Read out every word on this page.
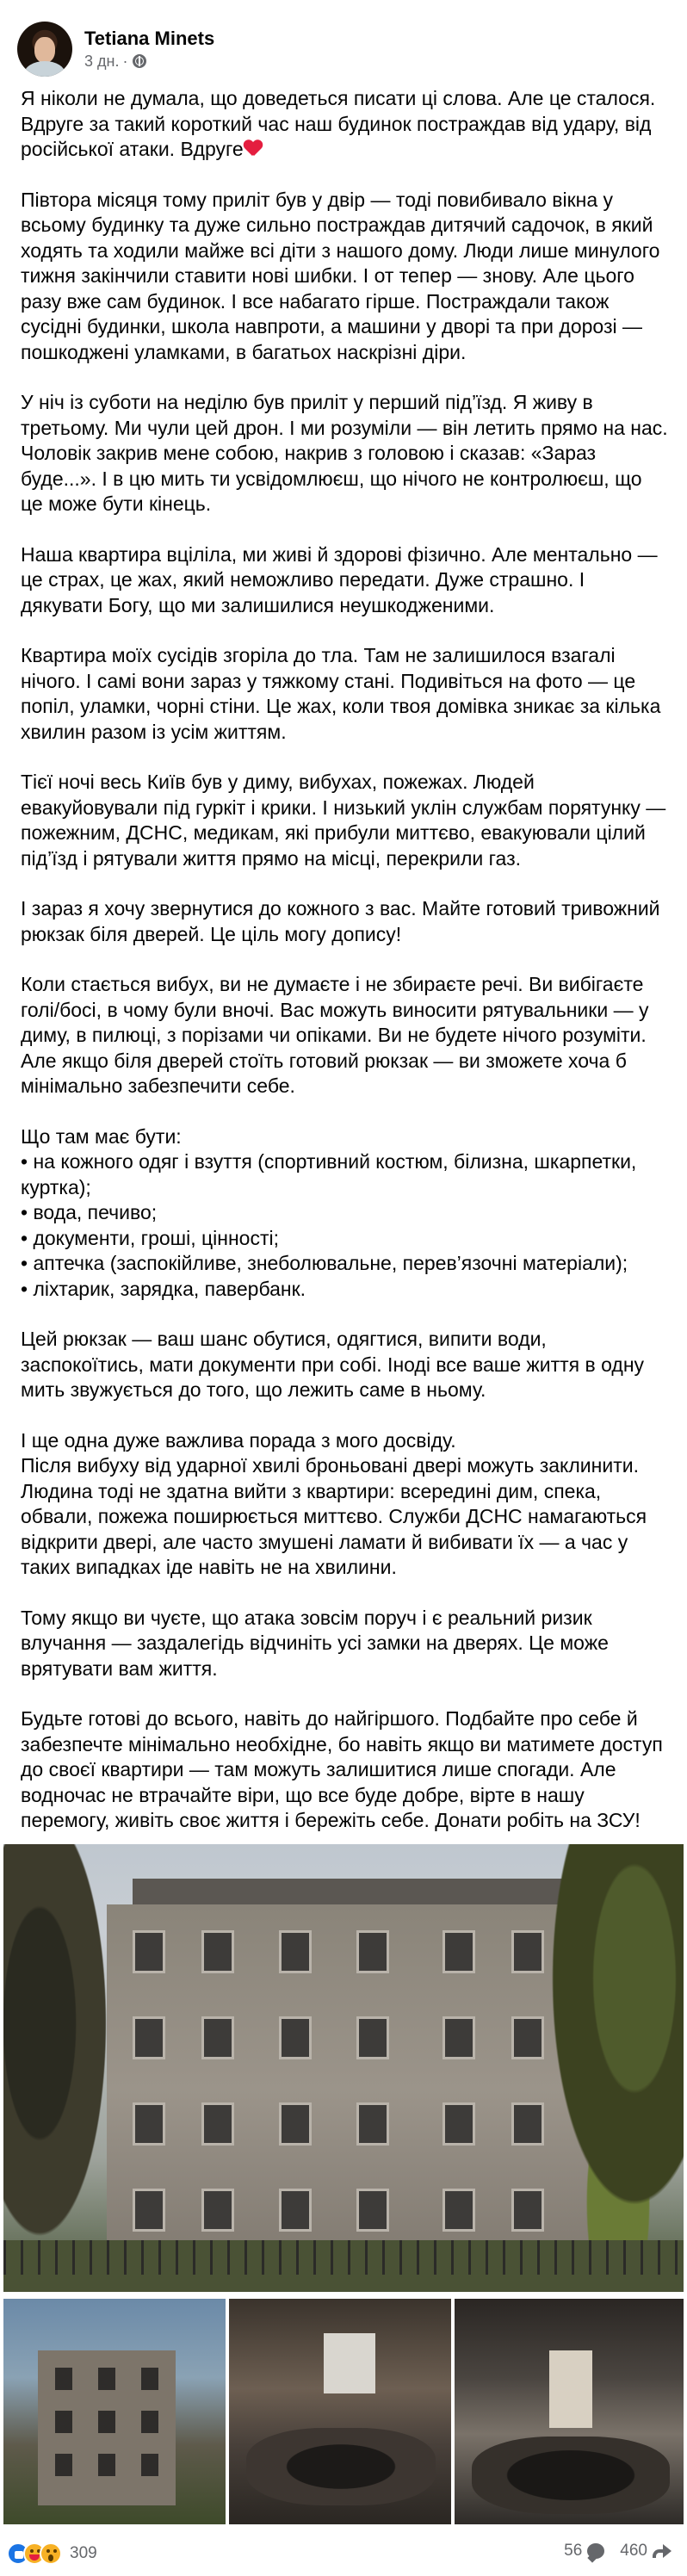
Tetiana Minets
3 дн. ·

Я ніколи не думала, що доведеться писати ці слова. Але це сталося. Вдруге за такий короткий час наш будинок постраждав від удару, від російської атаки. Вдруге

Півтора місяця тому приліт був у двір — тоді повибивало вікна у всьому будинку та дуже сильно постраждав дитячий садочок, в який ходять та ходили майже всі діти з нашого дому. Люди лише минулого тижня закінчили ставити нові шибки. І от тепер — знову. Але цього разу вже сам будинок. І все набагато гірше. Постраждали також сусідні будинки, школа навпроти, а машини у дворі та при дорозі — пошкоджені уламками, в багатьох наскрізні діри.

У ніч із суботи на неділю був приліт у перший під’їзд. Я живу в третьому. Ми чули цей дрон. І ми розуміли — він летить прямо на нас. Чоловік закрив мене собою, накрив з головою і сказав: «Зараз буде...». І в цю мить ти усвідомлюєш, що нічого не контролюєш, що це може бути кінець.

Наша квартира вціліла, ми живі й здорові фізично. Але ментально — це страх, це жах, який неможливо передати. Дуже страшно. І дякувати Богу, що ми залишилися неушкодженими.

Квартира моїх сусідів згоріла до тла. Там не залишилося взагалі нічого. І самі вони зараз у тяжкому стані. Подивіться на фото — це попіл, уламки, чорні стіни. Це жах, коли твоя домівка зникає за кілька хвилин разом із усім життям.

Тієї ночі весь Київ був у диму, вибухах, пожежах. Людей евакуйовували під гуркіт і крики. І низький уклін службам порятунку — пожежним, ДСНС, медикам, які прибули миттєво, евакуювали цілий під’їзд і рятували життя прямо на місці, перекрили газ.

І зараз я хочу звернутися до кожного з вас. Майте готовий тривожний рюкзак біля дверей. Це ціль могу допису!

Коли стається вибух, ви не думаєте і не збираєте речі. Ви вибігаєте голі/босі, в чому були вночі. Вас можуть виносити рятувальники — у диму, в пилюці, з порізами чи опіками. Ви не будете нічого розуміти. Але якщо біля дверей стоїть готовий рюкзак — ви зможете хоча б мінімально забезпечити себе.

Що там має бути:
• на кожного одяг і взуття (спортивний костюм, білизна, шкарпетки, куртка);
• вода, печиво;
• документи, гроші, цінності;
• аптечка (заспокійливе, знеболювальне, перев’язочні матеріали);
• ліхтарик, зарядка, павербанк.

Цей рюкзак — ваш шанс обутися, одягтися, випити води, заспокоїтись, мати документи при собі. Іноді все ваше життя в одну мить звужується до того, що лежить саме в ньому.

І ще одна дуже важлива порада з мого досвіду.
Після вибуху від ударної хвилі броньовані двері можуть заклинити. Людина тоді не здатна вийти з квартири: всередині дим, спека, обвали, пожежа поширюється миттєво. Служби ДСНС намагаються відкрити двері, але часто змушені ламати й вибивати їх — а час у таких випадках іде навіть не на хвилини.

Тому якщо ви чуєте, що атака зовсім поруч і є реальний ризик влучання — заздалегідь відчиніть усі замки на дверях. Це може врятувати вам життя.

Будьте готові до всього, навіть до найгіршого. Подбайте про себе й забезпечте мінімально необхідне, бо навіть якщо ви матимете доступ до своєї квартири — там можуть залишитися лише спогади. Але водночас не втрачайте віри, що все буде добре, вірте в нашу перемогу, живіть своє життя і бережіть себе. Донати робіть на ЗСУ!

309	56 460
